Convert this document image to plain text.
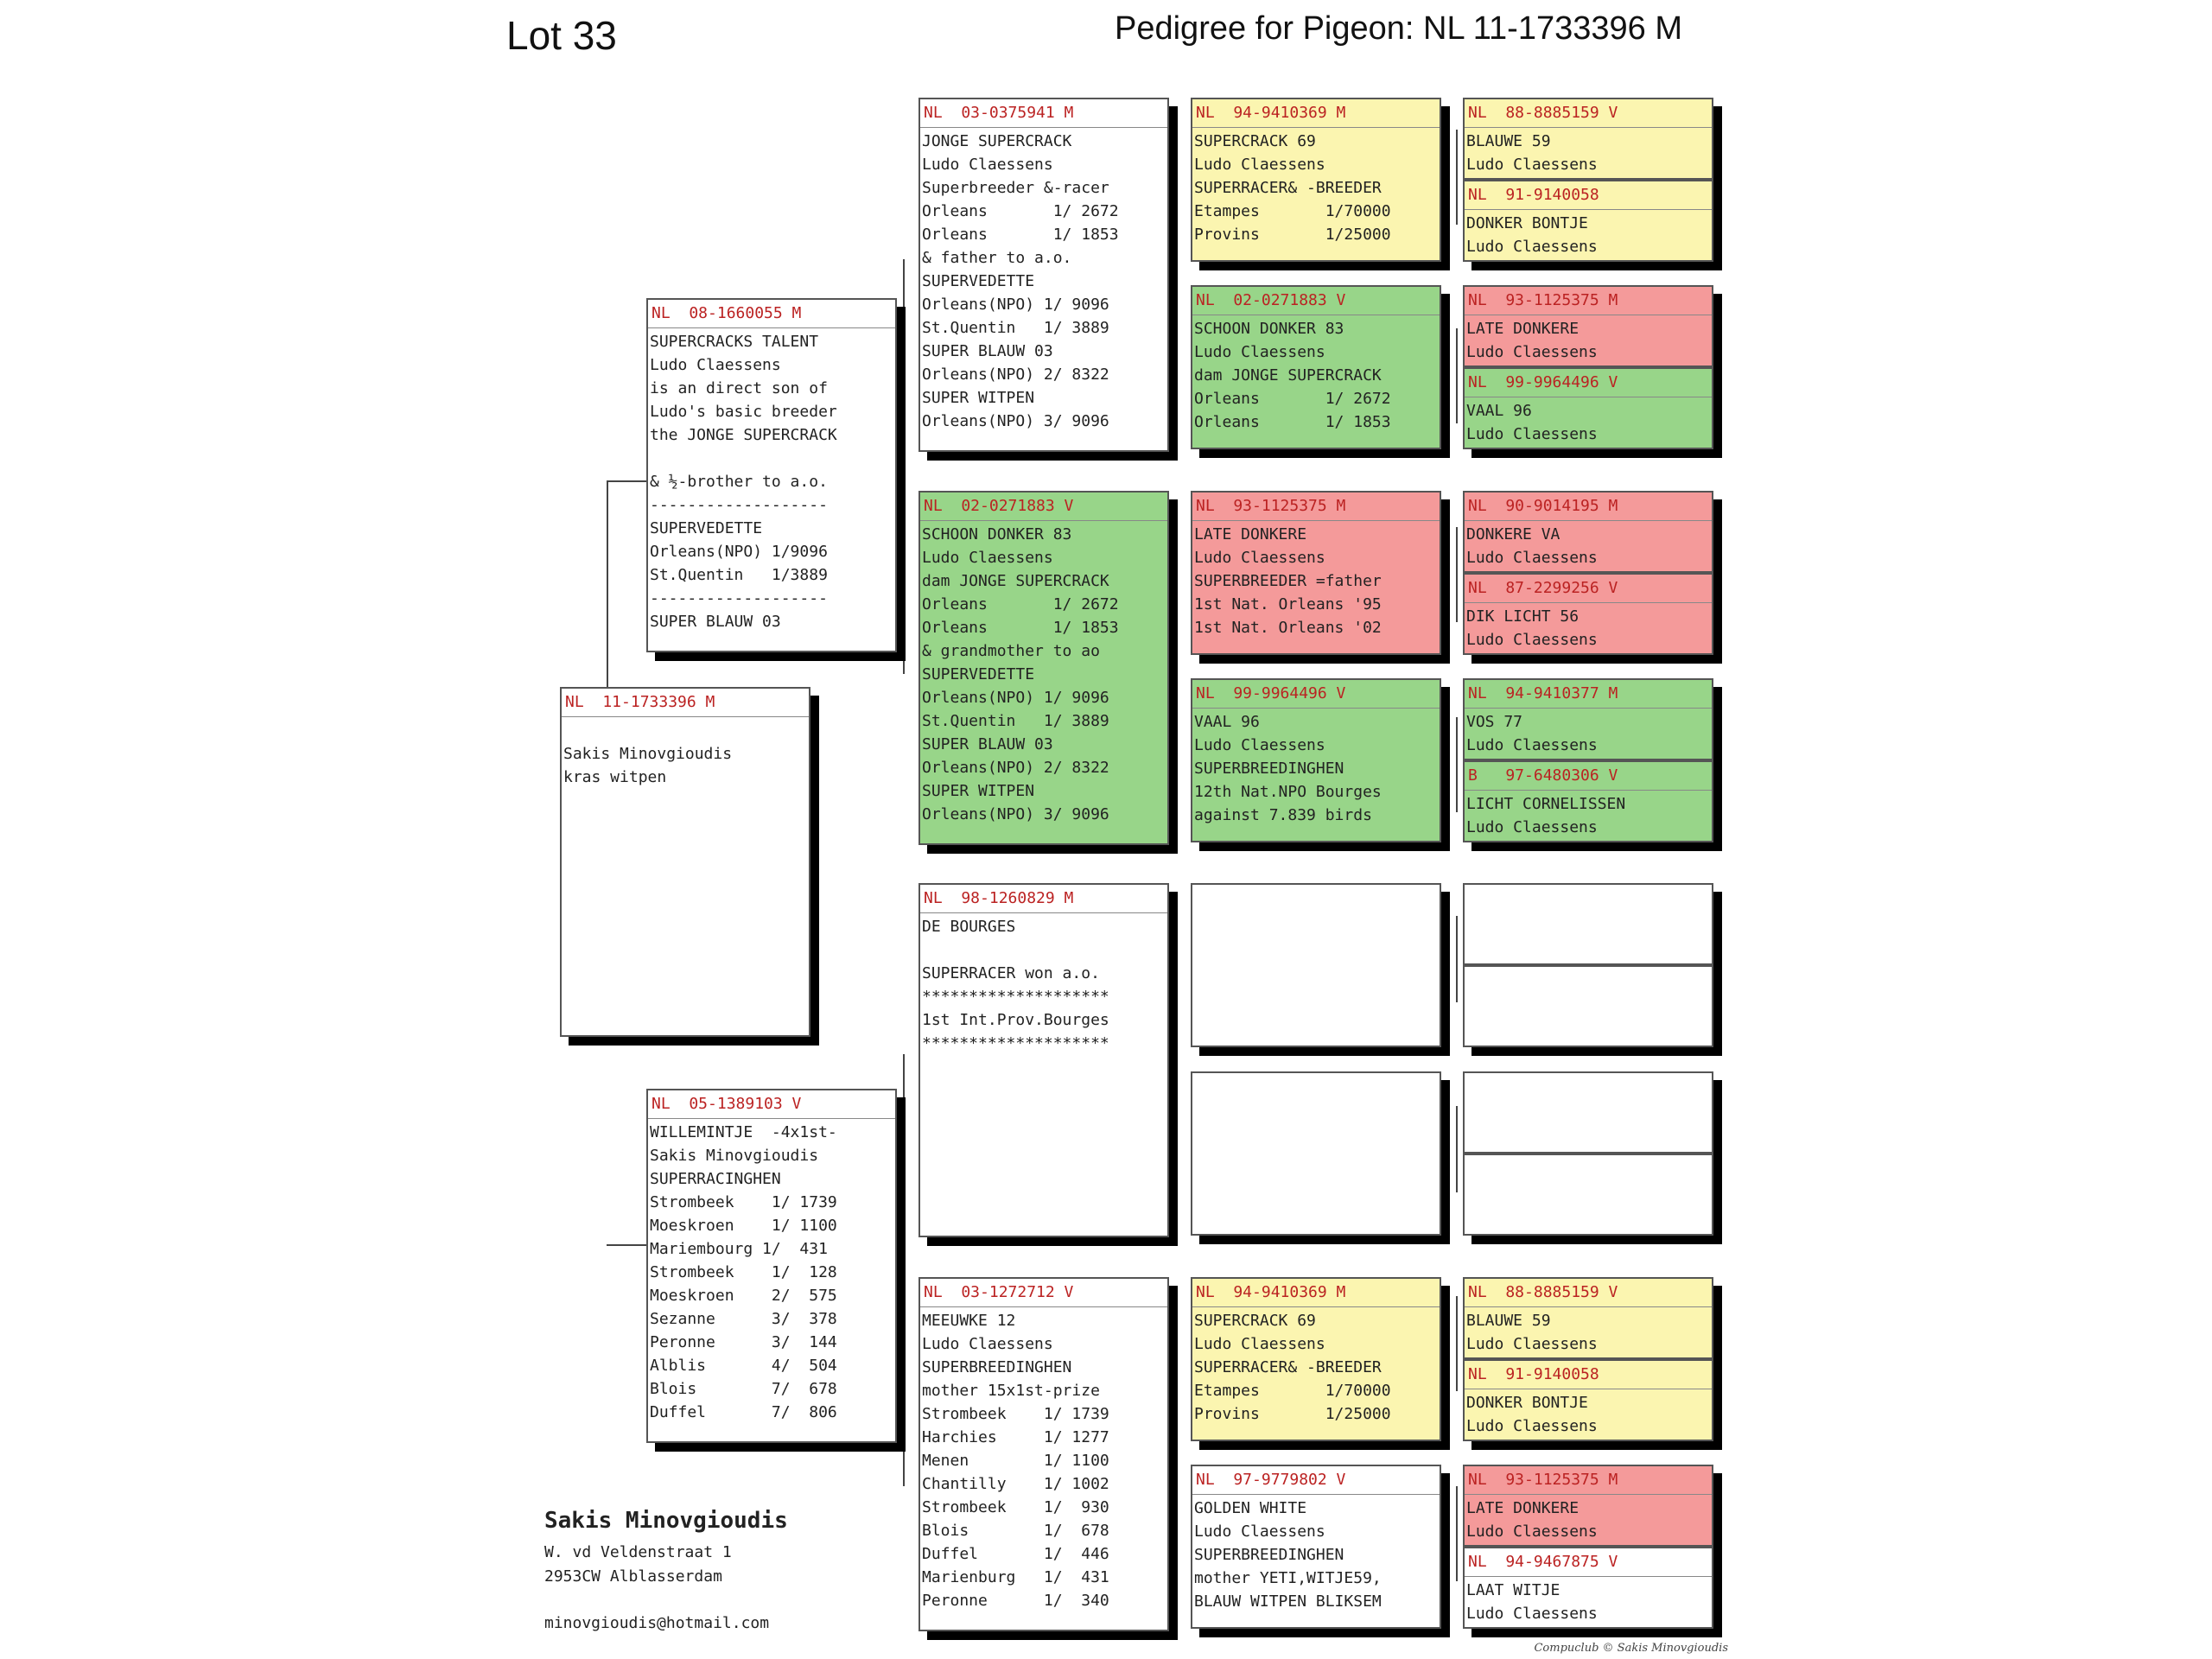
Lot 33	Pedigree for Pigeon: NL 11-1733396 M
NL  11-1733396 M
Sakis Minovgioudis
kras witpen
NL  08-1660055 M
SUPERCRACKS TALENT
Ludo Claessens
is an direct son of
Ludo's basic breeder
the JONGE SUPERCRACK
& ½-brother to a.o.
-------------------
SUPERVEDETTE
Orleans(NPO) 1/9096
St.Quentin   1/3889
-------------------
SUPER BLAUW 03
NL  05-1389103 V
WILLEMINTJE  -4x1st-
Sakis Minovgioudis
SUPERRACINGHEN
Strombeek    1/ 1739
Moeskroen    1/ 1100
Mariembourg 1/  431
Strombeek    1/  128
Moeskroen    2/  575
Sezanne      3/  378
Peronne      3/  144
Alblis       4/  504
Blois        7/  678
Duffel       7/  806
NL  03-0375941 M
JONGE SUPERCRACK
Ludo Claessens
Superbreeder &-racer
Orleans       1/ 2672
Orleans       1/ 1853
& father to a.o.
SUPERVEDETTE
Orleans(NPO) 1/ 9096
St.Quentin   1/ 3889
SUPER BLAUW 03
Orleans(NPO) 2/ 8322
SUPER WITPEN
Orleans(NPO) 3/ 9096
NL  02-0271883 V
SCHOON DONKER 83
Ludo Claessens
dam JONGE SUPERCRACK
Orleans       1/ 2672
Orleans       1/ 1853
& grandmother to ao
SUPERVEDETTE
Orleans(NPO) 1/ 9096
St.Quentin   1/ 3889
SUPER BLAUW 03
Orleans(NPO) 2/ 8322
SUPER WITPEN
Orleans(NPO) 3/ 9096
NL  98-1260829 M
DE BOURGES
SUPERRACER won a.o.
********************
1st Int.Prov.Bourges
********************
NL  03-1272712 V
MEEUWKE 12
Ludo Claessens
SUPERBREEDINGHEN
mother 15x1st-prize
Strombeek    1/ 1739
Harchies     1/ 1277
Menen        1/ 1100
Chantilly    1/ 1002
Strombeek    1/  930
Blois        1/  678
Duffel       1/  446
Marienburg   1/  431
Peronne      1/  340
NL  94-9410369 M
SUPERCRACK 69
Ludo Claessens
SUPERRACER& -BREEDER
Etampes       1/70000
Provins       1/25000
NL  02-0271883 V
SCHOON DONKER 83
Ludo Claessens
dam JONGE SUPERCRACK
Orleans       1/ 2672
Orleans       1/ 1853
NL  93-1125375 M
LATE DONKERE
Ludo Claessens
SUPERBREEDER =father
1st Nat. Orleans '95
1st Nat. Orleans '02
NL  99-9964496 V
VAAL 96
Ludo Claessens
SUPERBREEDINGHEN
12th Nat.NPO Bourges
against 7.839 birds
NL  94-9410369 M
SUPERCRACK 69
Ludo Claessens
SUPERRACER& -BREEDER
Etampes       1/70000
Provins       1/25000
NL  97-9779802 V
GOLDEN WHITE
Ludo Claessens
SUPERBREEDINGHEN
mother YETI,WITJE59,
BLAUW WITPEN BLIKSEM
NL  88-8885159 V
BLAUWE 59
Ludo Claessens
NL  91-9140058
DONKER BONTJE
Ludo Claessens
NL  93-1125375 M
LATE DONKERE
Ludo Claessens
NL  99-9964496 V
VAAL 96
Ludo Claessens
NL  90-9014195 M
DONKERE VA
Ludo Claessens
NL  87-2299256 V
DIK LICHT 56
Ludo Claessens
NL  94-9410377 M
VOS 77
Ludo Claessens
B   97-6480306 V
LICHT CORNELISSEN
Ludo Claessens
NL  88-8885159 V
BLAUWE 59
Ludo Claessens
NL  91-9140058
DONKER BONTJE
Ludo Claessens
NL  93-1125375 M
LATE DONKERE
Ludo Claessens
NL  94-9467875 V
LAAT WITJE
Ludo Claessens
Sakis Minovgioudis
W. vd Veldenstraat 1
2953CW Alblasserdam
minovgioudis@hotmail.com
Compuclub © Sakis Minovgioudis
